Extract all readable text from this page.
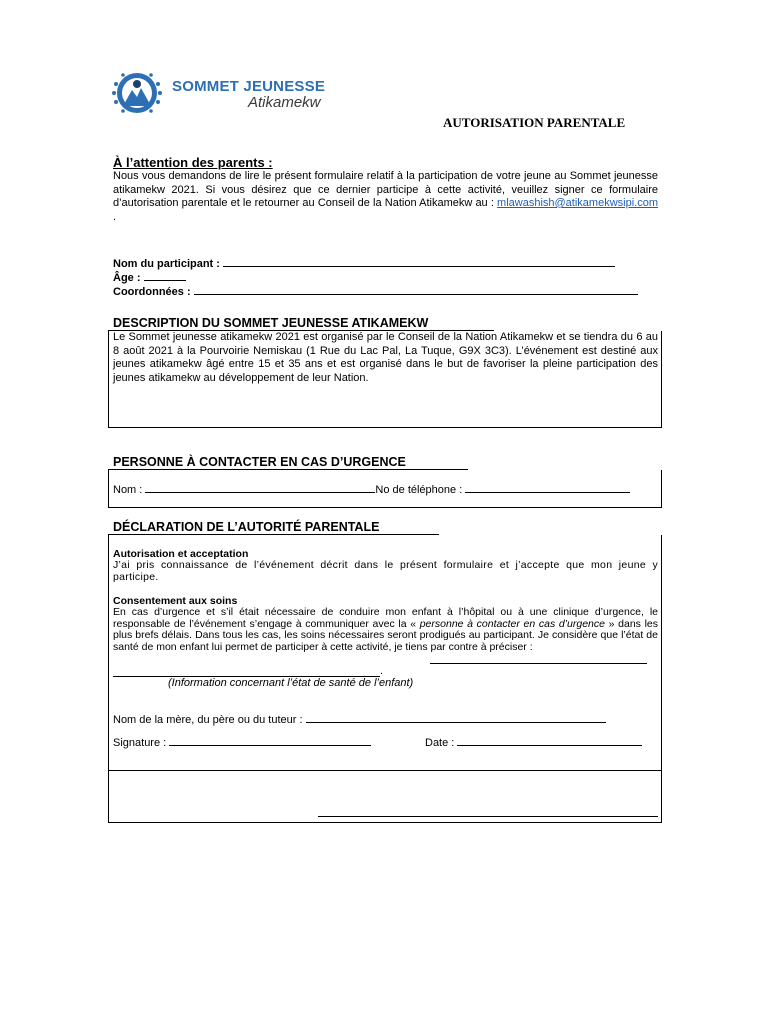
SOMMET JEUNESSE
Atikamekw
AUTORISATION PARENTALE
À l’attention des parents :
Nous vous demandons de lire le présent formulaire relatif à la participation de votre jeune au Sommet jeunesse atikamekw 2021. Si vous désirez que ce dernier participe à cette activité, veuillez signer ce formulaire d’autorisation parentale et le retourner au Conseil de la Nation Atikamekw au : mlawashish@atikamekwsipi.com .
Nom du participant :
Âge :
Coordonnées :
DESCRIPTION DU SOMMET JEUNESSE ATIKAMEKW
Le Sommet jeunesse atikamekw 2021 est organisé par le Conseil de la Nation Atikamekw et se tiendra du 6 au 8 août 2021 à la Pourvoirie Nemiskau (1 Rue du Lac Pal, La Tuque, G9X 3C3). L’événement est destiné aux jeunes atikamekw âgé entre 15 et 35 ans et est organisé dans le but de favoriser la pleine participation des jeunes atikamekw au développement de leur Nation.
PERSONNE À CONTACTER EN CAS D’URGENCE
Nom :	No de téléphone :
DÉCLARATION DE L’AUTORITÉ PARENTALE
Autorisation et acceptation
J’ai pris connaissance de l’événement décrit dans le présent formulaire et j’accepte que mon jeune y participe.
Consentement aux soins
En cas d’urgence et s’il était nécessaire de conduire mon enfant à l’hôpital ou à une clinique d’urgence, le responsable de l’événement s’engage à communiquer avec la « personne à contacter en cas d’urgence » dans les plus brefs délais. Dans tous les cas, les soins nécessaires seront prodigués au participant. Je considère que l’état de santé de mon enfant lui permet de participer à cette activité, je tiens par contre à préciser :
.
(Information concernant l’état de santé de l’enfant)
Nom de la mère, du père ou du tuteur :
Signature :	Date :
